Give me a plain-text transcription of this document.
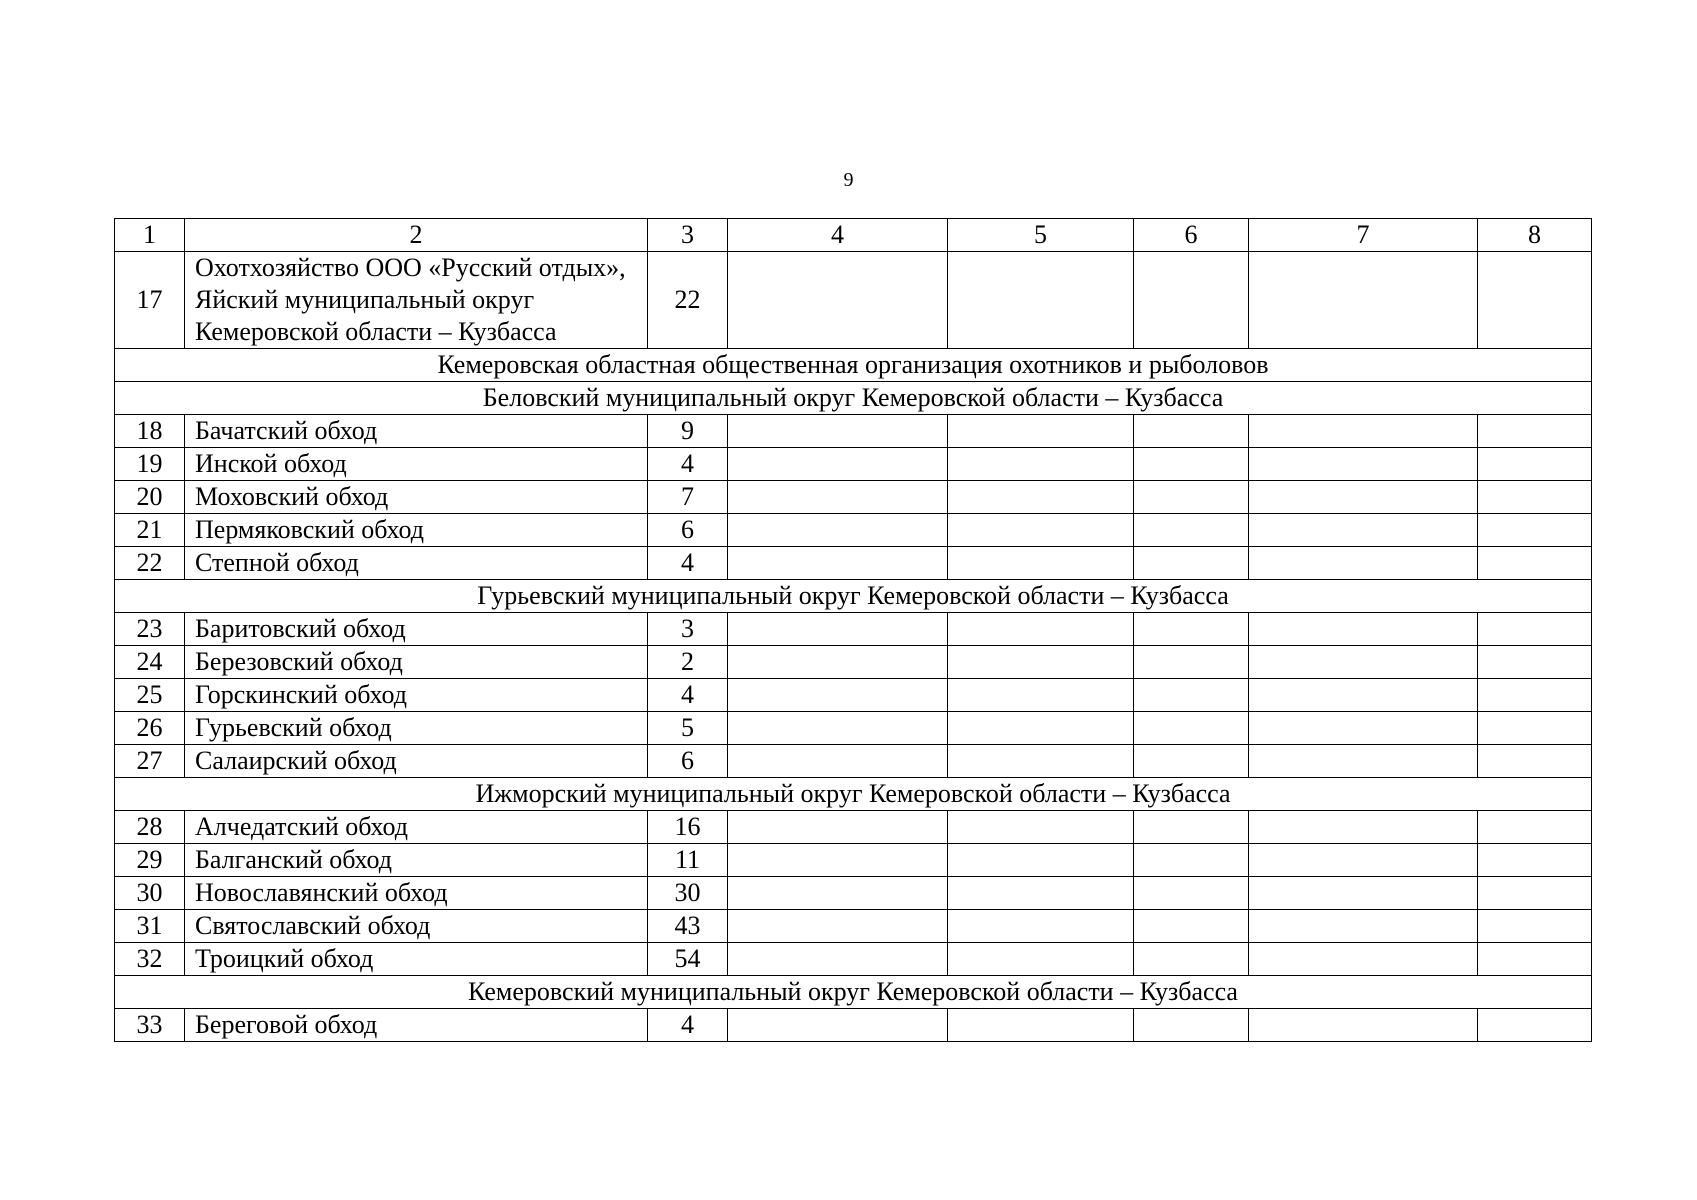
9
1	2	3	4	5	6	7	8
17	Охотхозяйство ООО «Русский отдых», Яйский муниципальный округ Кемеровской области – Кузбасса	22					
Кемеровская областная общественная организация охотников и рыболовов							
Беловский муниципальный округ Кемеровской области – Кузбасса							
18	Бачатский обход	9					
19	Инской обход	4					
20	Моховский обход	7					
21	Пермяковский обход	6					
22	Степной обход	4					
Гурьевский муниципальный округ Кемеровской области – Кузбасса							
23	Баритовский обход	3					
24	Березовский обход	2					
25	Горскинский обход	4					
26	Гурьевский обход	5					
27	Салаирский обход	6					
Ижморский муниципальный округ Кемеровской области – Кузбасса							
28	Алчедатский обход	16					
29	Балганский обход	11					
30	Новославянский обход	30					
31	Святославский обход	43					
32	Троицкий обход	54					
Кемеровский муниципальный округ Кемеровской области – Кузбасса							
33	Береговой обход	4					
